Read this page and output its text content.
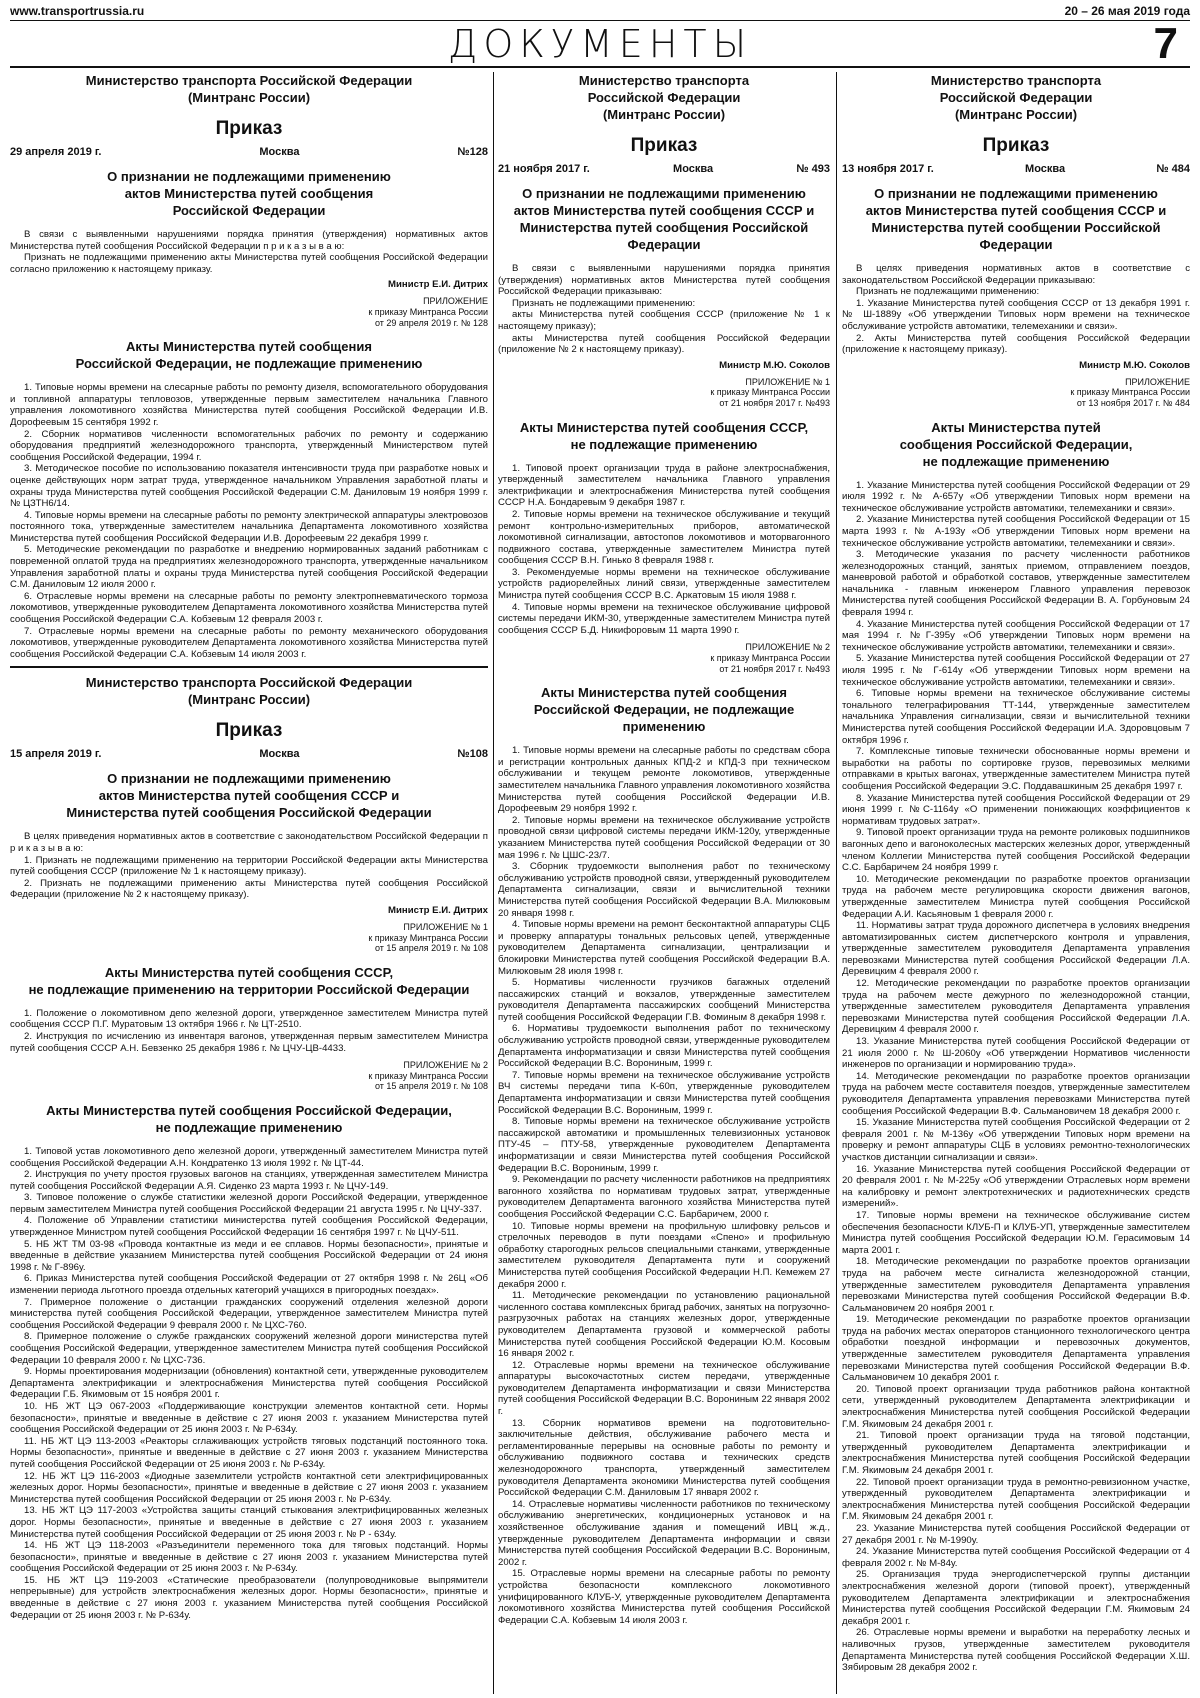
www.transportrussia.ru	20 – 26 мая 2019 года
ДОКУМЕНТЫ	7
Министерство транспорта Российской Федерации
(Минтранс России)
Приказ
29 апреля 2019 г.	Москва	№128
О признании не подлежащими применению
актов Министерства путей сообщения
Российской Федерации
В связи с выявленными нарушениями порядка принятия (утверждения) нормативных актов Министерства путей сообщения Российской Федерации п р и к а з ы в а ю:
Признать не подлежащими применению акты Министерства путей сообщения Российской Федерации согласно приложению к настоящему приказу.
Министр Е.И. Дитрих
ПРИЛОЖЕНИЕ
к приказу Минтранса России
от 29 апреля 2019 г. № 128
Акты Министерства путей сообщения
Российской Федерации, не подлежащие применению
1. Типовые нормы времени на слесарные работы по ремонту дизеля, вспомогательного оборудования и топливной аппаратуры тепловозов, утвержденные первым заместителем начальника Главного управления локомотивного хозяйства Министерства путей сообщения Российской Федерации И.В. Дорофеевым 15 сентября 1992 г.
2. Сборник нормативов численности вспомогательных рабочих по ремонту и содержанию оборудования предприятий железнодорожного транспорта, утвержденный Министерством путей сообщения Российской Федерации, 1994 г.
3. Методическое пособие по использованию показателя интенсивности труда при разработке новых и оценке действующих норм затрат труда, утвержденное начальником Управления заработной платы и охраны труда Министерства путей сообщения Российской Федерации С.М. Даниловым 19 ноября 1999 г. № ЦЗТН6/14.
4. Типовые нормы времени на слесарные работы по ремонту электрической аппаратуры электровозов постоянного тока, утвержденные заместителем начальника Департамента локомотивного хозяйства Министерства путей сообщения Российской Федерации И.В. Дорофеевым 22 декабря 1999 г.
5. Методические рекомендации по разработке и внедрению нормированных заданий работникам с повременной оплатой труда на предприятиях железнодорожного транспорта, утвержденные начальником Управления заработной платы и охраны труда Министерства путей сообщения Российской Федерации С.М. Даниловым 12 июля 2000 г.
6. Отраслевые нормы времени на слесарные работы по ремонту электропневматического тормоза локомотивов, утвержденные руководителем Департамента локомотивного хозяйства Министерства путей сообщения Российской Федерации С.А. Кобзевым 12 февраля 2003 г.
7. Отраслевые нормы времени на слесарные работы по ремонту механического оборудования локомотивов, утвержденные руководителем Департамента локомотивного хозяйства Министерства путей сообщения Российской Федерации С.А. Кобзевым 14 июля 2003 г.
Министерство транспорта Российской Федерации
(Минтранс России)
Приказ
15 апреля 2019 г.	Москва	№108
О признании не подлежащими применению
актов Министерства путей сообщения СССР и
Министерства путей сообщения Российской Федерации
В целях приведения нормативных актов в соответствие с законодательством Российской Федерации п р и к а з ы в а ю:
1. Признать не подлежащими применению на территории Российской Федерации акты Министерства путей сообщения СССР (приложение № 1 к настоящему приказу).
2. Признать не подлежащими применению акты Министерства путей сообщения Российской Федерации (приложение № 2 к настоящему приказу).
Министр Е.И. Дитрих
ПРИЛОЖЕНИЕ № 1
к приказу Минтранса России
от 15 апреля 2019 г. № 108
Акты Министерства путей сообщения СССР,
не подлежащие применению на территории Российской Федерации
1. Положение о локомотивном депо железной дороги, утвержденное заместителем Министра путей сообщения СССР П.Г. Муратовым 13 октября 1966 г. № ЦТ-2510.
2. Инструкция по исчислению из инвентаря вагонов, утвержденная первым заместителем Министра путей сообщения СССР А.Н. Бевзенко 25 декабря 1986 г. № ЦЧУ-ЦВ-4433.
ПРИЛОЖЕНИЕ № 2
к приказу Минтранса России
от 15 апреля 2019 г. № 108
Акты Министерства путей сообщения Российской Федерации,
не подлежащие применению
1. Типовой устав локомотивного депо железной дороги, утвержденный заместителем Министра путей сообщения Российской Федерации А.Н. Кондратенко 13 июля 1992 г. № ЦТ-44.
2. Инструкция по учету простоя грузовых вагонов на станциях, утвержденная заместителем Министра путей сообщения Российской Федерации А.Я. Сиденко 23 марта 1993 г. № ЦЧУ-149.
3. Типовое положение о службе статистики железной дороги Российской Федерации, утвержденное первым заместителем Министра путей сообщения Российской Федерации 21 августа 1995 г. № ЦЧУ-337.
4. Положение об Управлении статистики министерства путей сообщения Российской Федерации, утвержденное Министром путей сообщения Российской Федерации 16 сентября 1997 г. № ЦЧУ-511.
5. НБ ЖТ ТМ 03-98 «Провода контактные из меди и ее сплавов. Нормы безопасности», принятые и введенные в действие указанием Министерства путей сообщения Российской Федерации от 24 июня 1998 г. № Г-896у.
6. Приказ Министерства путей сообщения Российской Федерации от 27 октября 1998 г. № 26Ц «Об изменении периода льготного проезда отдельных категорий учащихся в пригородных поездах».
7. Примерное положение о дистанции гражданских сооружений отделения железной дороги министерства путей сообщения Российской Федерации, утвержденное заместителем Министра путей сообщения Российской Федерации 9 февраля 2000 г. № ЦХС-760.
8. Примерное положение о службе гражданских сооружений железной дороги министерства путей сообщения Российской Федерации, утвержденное заместителем Министра путей сообщения Российской Федерации 10 февраля 2000 г. № ЦХС-736.
9. Нормы проектирования модернизации (обновления) контактной сети, утвержденные руководителем Департамента электрификации и электроснабжения Министерства путей сообщения Российской Федерации Г.Б. Якимовым от 15 ноября 2001 г.
10. НБ ЖТ ЦЭ 067-2003 «Поддерживающие конструкции элементов контактной сети. Нормы безопасности», принятые и введенные в действие с 27 июня 2003 г. указанием Министерства путей сообщения Российской Федерации от 25 июня 2003 г. № Р-634у.
11. НБ ЖТ ЦЭ 113-2003 «Реакторы сглаживающих устройств тяговых подстанций постоянного тока. Нормы безопасности», принятые и введенные в действие с 27 июня 2003 г. указанием Министерства путей сообщения Российской Федерации от 25 июня 2003 г. № Р-634у.
12. НБ ЖТ ЦЭ 116-2003 «Диодные заземлители устройств контактной сети электрифицированных железных дорог. Нормы безопасности», принятые и введенные в действие с 27 июня 2003 г. указанием Министерства путей сообщения Российской Федерации от 25 июня 2003 г. № Р-634у.
13. НБ ЖТ ЦЭ 117-2003 «Устройства защиты станций стыкования электрифицированных железных дорог. Нормы безопасности», принятые и введенные в действие с 27 июня 2003 г. указанием Министерства путей сообщения Российской Федерации от 25 июня 2003 г. № Р - 634у.
14. НБ ЖТ ЦЭ 118-2003 «Разъединители переменного тока для тяговых подстанций. Нормы безопасности», принятые и введенные в действие с 27 июня 2003 г. указанием Министерства путей сообщения Российской Федерации от 25 июня 2003 г. № Р-634у.
15. НБ ЖТ ЦЭ 119-2003 «Статические преобразователи (полупроводниковые выпрямители непрерывные) для устройств электроснабжения железных дорог. Нормы безопасности», принятые и введенные в действие с 27 июня 2003 г. указанием Министерства путей сообщения Российской Федерации от 25 июня 2003 г. № Р-634у.
Министерство транспорта
Российской Федерации
(Минтранс России)
Приказ
21 ноября 2017 г.	Москва	№ 493
О признании не подлежащими применению
актов Министерства путей сообщения СССР и
Министерства путей сообщения Российской
Федерации
В связи с выявленными нарушениями порядка принятия (утверждения) нормативных актов Министерства путей сообщения Российской Федерации приказываю:
Признать не подлежащими применению:
акты Министерства путей сообщения СССР (приложение № 1 к настоящему приказу);
акты Министерства путей сообщения Российской Федерации (приложение № 2 к настоящему приказу).
Министр М.Ю. Соколов
ПРИЛОЖЕНИЕ № 1
к приказу Минтранса России
от 21 ноября 2017 г. №493
Акты Министерства путей сообщения СССР,
не подлежащие применению
1. Типовой проект организации труда в районе электроснабжения, утвержденный заместителем начальника Главного управления электрификации и электроснабжения Министерства путей сообщения СССР Н.А. Бондаревым 9 декабря 1987 г.
2. Типовые нормы времени на техническое обслуживание и текущий ремонт контрольно-измерительных приборов, автоматической локомотивной сигнализации, автостопов локомотивов и моторвагонного подвижного состава, утвержденные заместителем Министра путей сообщения СССР В.Н. Гинько 8 февраля 1988 г.
3. Рекомендуемые нормы времени на техническое обслуживание устройств радиорелейных линий связи, утвержденные заместителем Министра путей сообщения СССР В.С. Аркатовым 15 июля 1988 г.
4. Типовые нормы времени на техническое обслуживание цифровой системы передачи ИКМ-30, утвержденные заместителем Министра путей сообщения СССР Б.Д. Никифоровым 11 марта 1990 г.
ПРИЛОЖЕНИЕ № 2
к приказу Минтранса России
от 21 ноября 2017 г. №493
Акты Министерства путей сообщения
Российской Федерации, не подлежащие
применению
1. Типовые нормы времени на слесарные работы по средствам сбора и регистрации контрольных данных КПД-2 и КПД-3 при техническом обслуживании и текущем ремонте локомотивов, утвержденные заместителем начальника Главного управления локомотивного хозяйства Министерства путей сообщения Российской Федерации И.В. Дорофеевым 29 ноября 1992 г.
2. Типовые нормы времени на техническое обслуживание устройств проводной связи цифровой системы передачи ИКМ-120у, утвержденные указанием Министерства путей сообщения Российской Федерации от 30 мая 1996 г. № ЦШС-23/7.
3. Сборник трудоемкости выполнения работ по техническому обслуживанию устройств проводной связи, утвержденный руководителем Департамента сигнализации, связи и вычислительной техники Министерства путей сообщения Российской Федерации В.А. Милюковым 20 января 1998 г.
4. Типовые нормы времени на ремонт бесконтактной аппаратуры СЦБ и проверку аппаратуры тональных рельсовых цепей, утвержденные руководителем Департамента сигнализации, централизации и блокировки Министерства путей сообщения Российской Федерации В.А. Милюковым 28 июля 1998 г.
5. Нормативы численности грузчиков багажных отделений пассажирских станций и вокзалов, утвержденные заместителем руководителя Департамента пассажирских сообщений Министерства путей сообщения Российской Федерации Г.В. Фоминым 8 декабря 1998 г.
6. Нормативы трудоемкости выполнения работ по техническому обслуживанию устройств проводной связи, утвержденные руководителем Департамента информатизации и связи Министерства путей сообщения Российской Федерации В.С. Ворониным, 1999 г.
7. Типовые нормы времени на техническое обслуживание устройств ВЧ системы передачи типа К-60п, утвержденные руководителем Департамента информатизации и связи Министерства путей сообщения Российской Федерации В.С. Ворониным, 1999 г.
8. Типовые нормы времени на техническое обслуживание устройств пассажирской автоматики и промышленных телевизионных установок ПТУ-45 – ПТУ-58, утвержденные руководителем Департамента информатизации и связи Министерства путей сообщения Российской Федерации В.С. Ворониным, 1999 г.
9. Рекомендации по расчету численности работников на предприятиях вагонного хозяйства по нормативам трудовых затрат, утвержденные руководителем Департамента вагонного хозяйства Министерства путей сообщения Российской Федерации С.С. Барбаричем, 2000 г.
10. Типовые нормы времени на профильную шлифовку рельсов и стрелочных переводов в пути поездами «Спено» и профильную обработку старогодных рельсов специальными станками, утвержденные заместителем руководителя Департамента пути и сооружений Министерства путей сообщения Российской Федерации Н.П. Кемежем 27 декабря 2000 г.
11. Методические рекомендации по установлению рациональной численного состава комплексных бригад рабочих, занятых на погрузочно-разгрузочных работах на станциях железных дорог, утвержденные руководителем Департамента грузовой и коммерческой работы Министерства путей сообщения Российской Федерации Ю.М. Косовым 16 января 2002 г.
12. Отраслевые нормы времени на техническое обслуживание аппаратуры высокочастотных систем передачи, утвержденные руководителем Департамента информатизации и связи Министерства путей сообщения Российской Федерации В.С. Ворониным 22 января 2002 г.
13. Сборник нормативов времени на подготовительно-заключительные действия, обслуживание рабочего места и регламентированные перерывы на основные работы по ремонту и обслуживанию подвижного состава и технических средств железнодорожного транспорта, утвержденный заместителем руководителя Департамента экономики Министерства путей сообщения Российской Федерации С.М. Даниловым 17 января 2002 г.
14. Отраслевые нормативы численности работников по техническому обслуживанию энергетических, кондиционерных установок и на хозяйственное обслуживание здания и помещений ИВЦ ж.д., утвержденные руководителем Департамента информации и связи Министерства путей сообщения Российской Федерации В.С. Ворониным, 2002 г.
15. Отраслевые нормы времени на слесарные работы по ремонту устройства безопасности комплексного локомотивного унифицированного КЛУБ-У, утвержденные руководителем Департамента локомотивного хозяйства Министерства путей сообщения Российской Федерации С.А. Кобзевым 14 июля 2003 г.
Министерство транспорта
Российской Федерации
(Минтранс России)
Приказ
13 ноября 2017 г.	Москва	№ 484
О признании не подлежащими применению
актов Министерства путей сообщения СССР и
Министерства путей сообщении Российской
Федерации
В целях приведения нормативных актов в соответствие с законодательством Российской Федерации приказываю:
Признать не подлежащими применению:
1. Указание Министерства путей сообщения СССР от 13 декабря 1991 г. № Ш-1889у «Об утверждении Типовых норм времени на техническое обслуживание устройств автоматики, телемеханики и связи».
2. Акты Министерства путей сообщения Российской Федерации (приложение к настоящему приказу).
Министр М.Ю. Соколов
ПРИЛОЖЕНИЕ
к приказу Минтранса России
от 13 ноября 2017 г. № 484
Акты Министерства путей
сообщения Российской Федерации,
не подлежащие применению
1. Указание Министерства путей сообщения Российской Федерации от 29 июля 1992 г. № А-657у «Об утверждении Типовых норм времени на техническое обслуживание устройств автоматики, телемеханики и связи».
2. Указание Министерства путей сообщения Российской Федерации от 15 марта 1993 г. № А-193у «Об утверждении Типовых норм времени на техническое обслуживание устройств автоматики, телемеханики и связи».
3. Методические указания по расчету численности работников железнодорожных станций, занятых приемом, отправлением поездов, маневровой работой и обработкой составов, утвержденные заместителем начальника - главным инженером Главного управления перевозок Министерства путей сообщения Российской Федерации В. А. Горбуновым 24 февраля 1994 г.
4. Указание Министерства путей сообщения Российской Федерации от 17 мая 1994 г. №Г-395у «Об утверждении Типовых норм времени на техническое обслуживание устройств автоматики, телемеханики и связи».
5. Указание Министерства путей сообщения Российской Федерации от 27 июля 1995 г. № Г-614у «Об утверждении Типовых норм времени на техническое обслуживание устройств автоматики, телемеханики и связи».
6. Типовые нормы времени на техническое обслуживание системы тонального телеграфирования ТТ-144, утвержденные заместителем начальника Управления сигнализации, связи и вычислительной техники Министерства путей сообщения Российской Федерации И.А. Здоровцовым 7 октября 1996 г.
7. Комплексные типовые технически обоснованные нормы времени и выработки на работы по сортировке грузов, перевозимых мелкими отправками в крытых вагонах, утвержденные заместителем Министра путей сообщения Российской Федерации Э.С. Поддавашкиным 25 декабря 1997 г.
8. Указание Министерства путей сообщения Российской Федерации от 29 июня 1999 г. №С-1164у «О применении понижающих коэффициентов к нормативам трудовых затрат».
9. Типовой проект организации труда на ремонте роликовых подшипников вагонных депо и вагоноколесных мастерских железных дорог, утвержденный членом Коллегии Министерства путей сообщения Российской Федерации С.С. Барбаричем 24 ноября 1999 г.
10. Методические рекомендации по разработке проектов организации труда на рабочем месте регулировщика скорости движения вагонов, утвержденные заместителем Министра путей сообщения Российской Федерации А.И. Касьяновым 1 февраля 2000 г.
11. Нормативы затрат труда дорожного диспетчера в условиях внедрения автоматизированных систем диспетчерского контроля и управления, утвержденные заместителем руководителя Департамента управления перевозками Министерства путей сообщения Российской Федерации Л.А. Деревицким 4 февраля 2000 г.
12. Методические рекомендации по разработке проектов организации труда на рабочем месте дежурного по железнодорожной станции, утвержденные заместителем руководителя Департамента управления перевозками Министерства путей сообщения Российской Федерации Л.А. Деревицким 4 февраля 2000 г.
13. Указание Министерства путей сообщения Российской Федерации от 21 июля 2000 г. № Ш-2060у «Об утверждении Нормативов численности инженеров по организации и нормированию труда».
14. Методические рекомендации по разработке проектов организации труда на рабочем месте составителя поездов, утвержденные заместителем руководителя Департамента управления перевозками Министерства путей сообщения Российской Федерации В.Ф. Сальмановичем 18 декабря 2000 г.
15. Указание Министерства путей сообщения Российской Федерации от 2 февраля 2001 г. № М-136у «Об утверждении Типовых норм времени на проверку и ремонт аппаратуры СЦБ в условиях ремонтно-технологических участков дистанции сигнализации и связи».
16. Указание Министерства путей сообщения Российской Федерации от 20 февраля 2001 г. № М-225у «Об утверждении Отраслевых норм времени на калибровку и ремонт электротехнических и радиотехнических средств измерений».
17. Типовые нормы времени на техническое обслуживание систем обеспечения безопасности КЛУБ-П и КЛУБ-УП, утвержденные заместителем Министра путей сообщения Российской Федерации Ю.М. Герасимовым 14 марта 2001 г.
18. Методические рекомендации по разработке проектов организации труда на рабочем месте сигналиста железнодорожной станции, утвержденные заместителем руководителя Департамента управления перевозками Министерства путей сообщения Российской Федерации В.Ф. Сальмановичем 20 ноября 2001 г.
19. Методические рекомендации по разработке проектов организации труда на рабочих местах операторов станционного технологического центра обработки поездной информации и перевозочных документов, утвержденные заместителем руководителя Департамента управления перевозками Министерства путей сообщения Российской Федерации В.Ф. Сальмановичем 10 декабря 2001 г.
20. Типовой проект организации труда работников района контактной сети, утвержденный руководителем Департамента электрификации и электроснабжения Министерства путей сообщения Российской Федерации Г.М. Якимовым 24 декабря 2001 г.
21. Типовой проект организации труда на тяговой подстанции, утвержденный руководителем Департамента электрификации и электроснабжения Министерства путей сообщения Российской Федерации Г.М. Якимовым 24 декабря 2001 г.
22. Типовой проект организации труда в ремонтно-ревизионном участке, утвержденный руководителем Департамента электрификации и электроснабжения Министерства путей сообщения Российской Федерации Г.М. Якимовым 24 декабря 2001 г.
23. Указание Министерства путей сообщения Российской Федерации от 27 декабря 2001 г. № М-1990у.
24. Указание Министерства путей сообщения Российской Федерации от 4 февраля 2002 г. № М-84у.
25. Организация труда энергодиспетчерской группы дистанции электроснабжения железной дороги (типовой проект), утвержденный руководителем Департамента электрификации и электроснабжения Министерства путей сообщения Российской Федерации Г.М. Якимовым 24 декабря 2001 г.
26. Отраслевые нормы времени и выработки на переработку лесных и наливочных грузов, утвержденные заместителем руководителя Департамента Министерства путей сообщения Российской Федерации Х.Ш. Зябировым 28 декабря 2002 г.
